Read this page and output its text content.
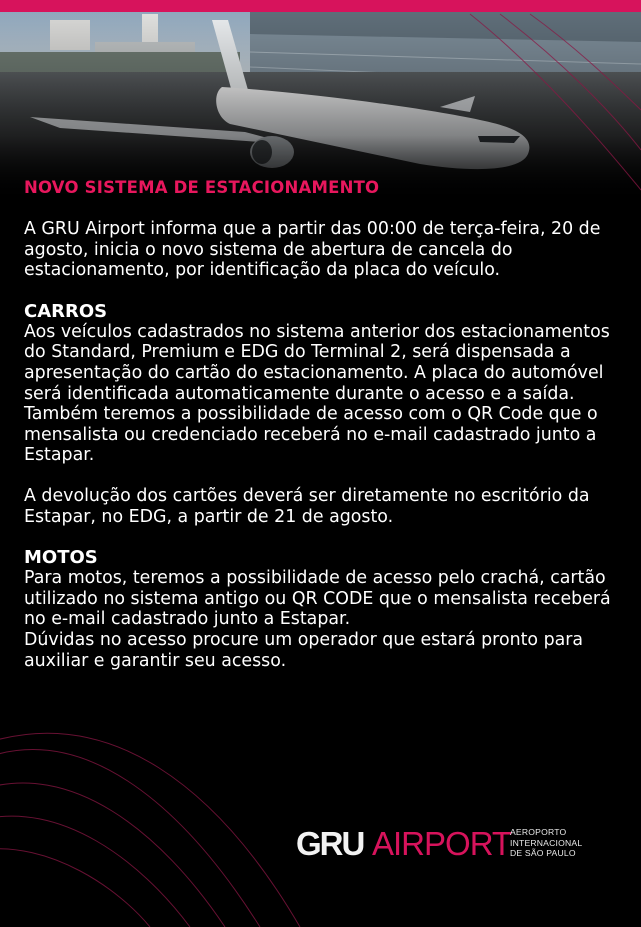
NOVO SISTEMA DE ESTACIONAMENTO

A GRU Airport informa que a partir das 00:00 de terça-feira, 20 de agosto, inicia o novo sistema de abertura de cancela do estacionamento, por identificação da placa do veículo.

CARROS

Aos veículos cadastrados no sistema anterior dos estacionamentos do Standard, Premium e EDG do Terminal 2, será dispensada a apresentação do cartão do estacionamento. A placa do automóvel será identificada automaticamente durante o acesso e a saída. Também teremos a possibilidade de acesso com o QR Code que o mensalista ou credenciado receberá no e-mail cadastrado junto a Estapar.

A devolução dos cartões deverá ser diretamente no escritório da Estapar, no EDG, a partir de 21 de agosto.

MOTOS

Para motos, teremos a possibilidade de acesso pelo crachá, cartão utilizado no sistema antigo ou QR CODE que o mensalista receberá no e-mail cadastrado junto a Estapar.

Dúvidas no acesso procure um operador que estará pronto para auxiliar e garantir seu acesso.

GRU AIRPORT
AEROPORTO
INTERNACIONAL
DE SÃO PAULO
